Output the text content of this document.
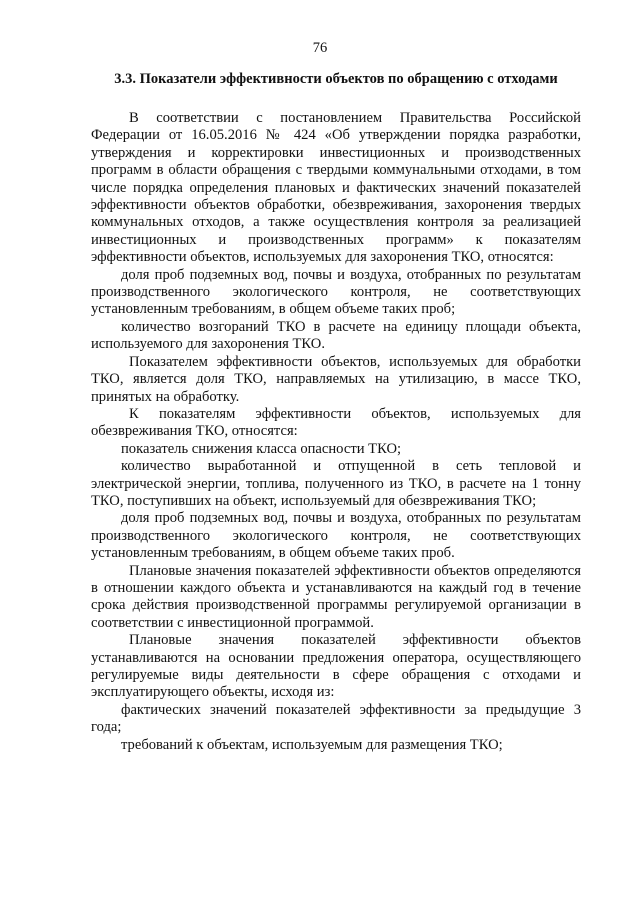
76
3.3. Показатели эффективности объектов по обращению с отходами

В соответствии с постановлением Правительства Российской Федерации от 16.05.2016 № 424 «Об утверждении порядка разработки, утверждения и корректировки инвестиционных и производственных программ в области обращения с твердыми коммунальными отходами, в том числе порядка определения плановых и фактических значений показателей эффективности объектов обработки, обезвреживания, захоронения твердых коммунальных отходов, а также осуществления контроля за реализацией инвестиционных и производственных программ» к показателям эффективности объектов, используемых для захоронения ТКО, относятся:

доля проб подземных вод, почвы и воздуха, отобранных по результатам производственного экологического контроля, не соответствующих установленным требованиям, в общем объеме таких проб;

количество возгораний ТКО в расчете на единицу площади объекта, используемого для захоронения ТКО.

Показателем эффективности объектов, используемых для обработки ТКО, является доля ТКО, направляемых на утилизацию, в массе ТКО, принятых на обработку.

К показателям эффективности объектов, используемых для обезвреживания ТКО, относятся:

показатель снижения класса опасности ТКО;

количество выработанной и отпущенной в сеть тепловой и электрической энергии, топлива, полученного из ТКО, в расчете на 1 тонну ТКО, поступивших на объект, используемый для обезвреживания ТКО;

доля проб подземных вод, почвы и воздуха, отобранных по результатам производственного экологического контроля, не соответствующих установленным требованиям, в общем объеме таких проб.

Плановые значения показателей эффективности объектов определяются в отношении каждого объекта и устанавливаются на каждый год в течение срока действия производственной программы регулируемой организации в соответствии с инвестиционной программой.

Плановые значения показателей эффективности объектов устанавливаются на основании предложения оператора, осуществляющего регулируемые виды деятельности в сфере обращения с отходами и эксплуатирующего объекты, исходя из:

фактических значений показателей эффективности за предыдущие 3 года;

требований к объектам, используемым для размещения ТКО;
